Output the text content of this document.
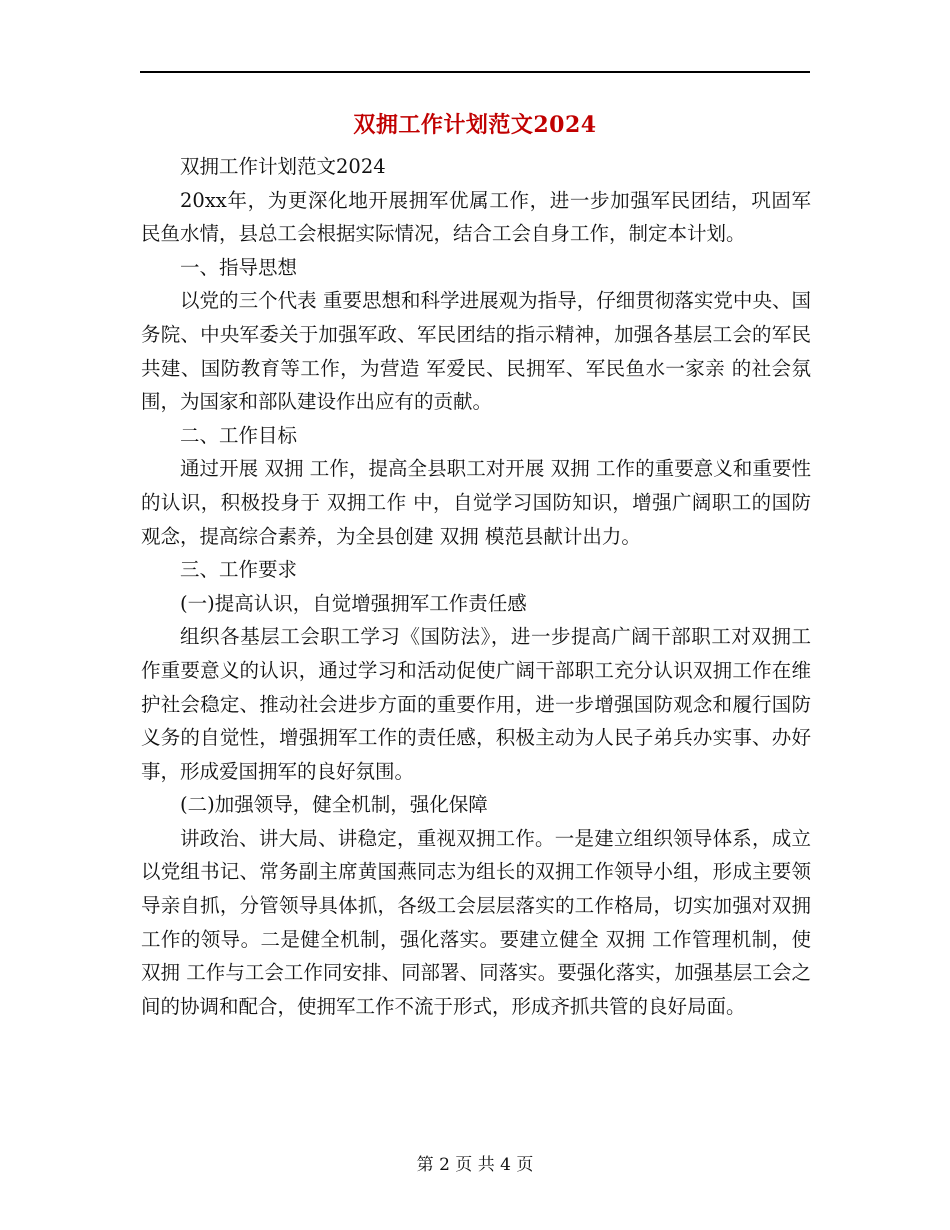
双拥工作计划范文2024

双拥工作计划范文2024

20xx年，为更深化地开展拥军优属工作，进一步加强军民团结，巩固军民鱼水情，县总工会根据实际情况，结合工会自身工作，制定本计划。

一、指导思想

以党的三个代表 重要思想和科学进展观为指导，仔细贯彻落实党中央、国务院、中央军委关于加强军政、军民团结的指示精神，加强各基层工会的军民共建、国防教育等工作，为营造 军爱民、民拥军、军民鱼水一家亲 的社会氛围，为国家和部队建设作出应有的贡献。

二、工作目标

通过开展 双拥 工作，提高全县职工对开展 双拥 工作的重要意义和重要性的认识，积极投身于 双拥工作 中，自觉学习国防知识，增强广阔职工的国防观念，提高综合素养，为全县创建 双拥 模范县献计出力。

三、工作要求

(一)提高认识，自觉增强拥军工作责任感

组织各基层工会职工学习《国防法》，进一步提高广阔干部职工对双拥工作重要意义的认识，通过学习和活动促使广阔干部职工充分认识双拥工作在维护社会稳定、推动社会进步方面的重要作用，进一步增强国防观念和履行国防义务的自觉性，增强拥军工作的责任感，积极主动为人民子弟兵办实事、办好事，形成爱国拥军的良好氛围。

(二)加强领导，健全机制，强化保障

讲政治、讲大局、讲稳定，重视双拥工作。一是建立组织领导体系，成立以党组书记、常务副主席黄国燕同志为组长的双拥工作领导小组，形成主要领导亲自抓，分管领导具体抓，各级工会层层落实的工作格局，切实加强对双拥工作的领导。二是健全机制，强化落实。要建立健全 双拥 工作管理机制，使 双拥 工作与工会工作同安排、同部署、同落实。要强化落实，加强基层工会之间的协调和配合，使拥军工作不流于形式，形成齐抓共管的良好局面。

第 2 页 共 4 页
